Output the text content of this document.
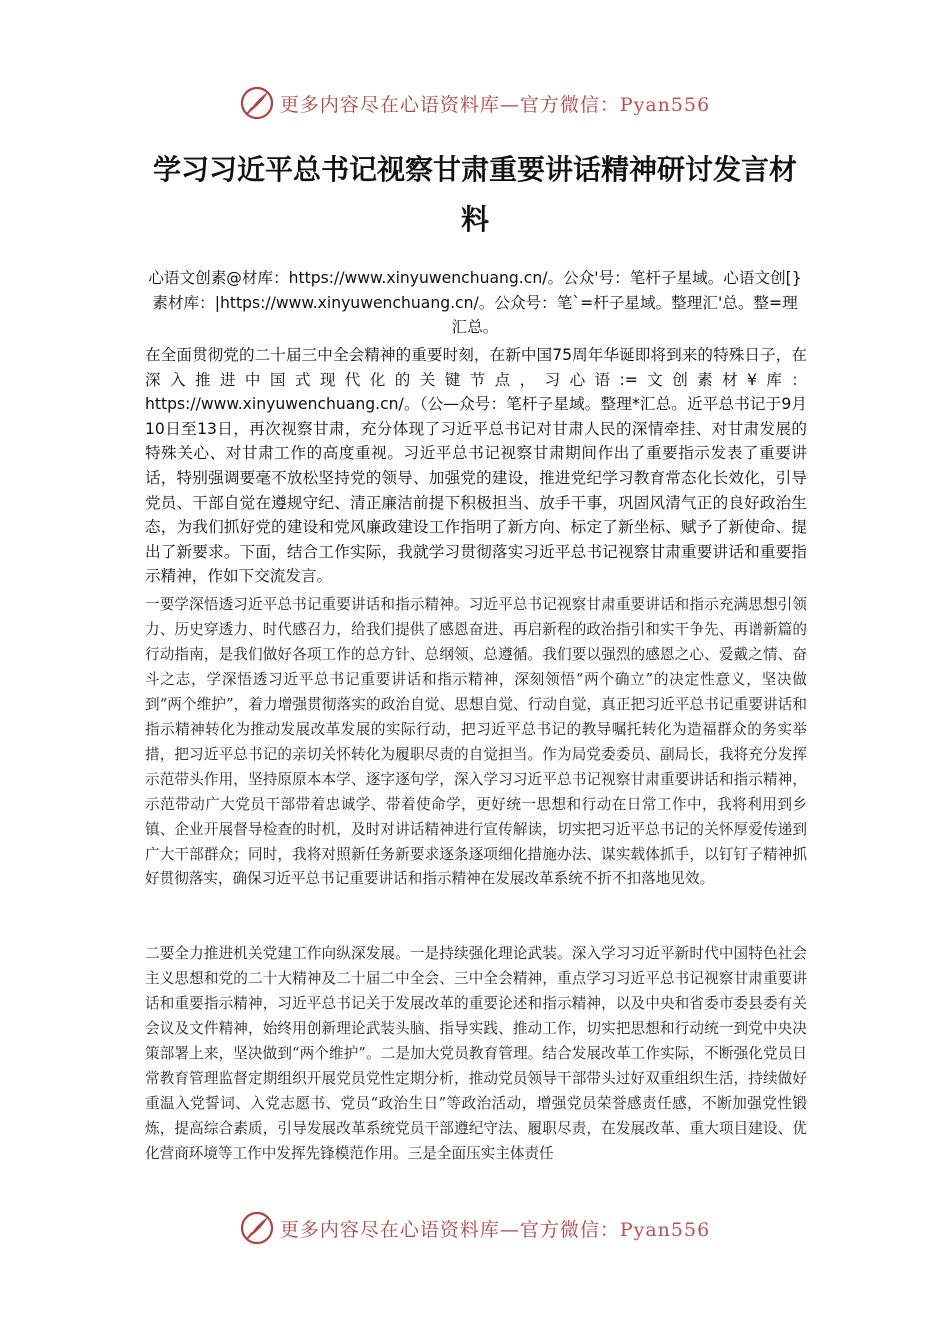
更多内容尽在心语资料库—官方微信：Pyan556
学习习近平总书记视察甘肃重要讲话精神研讨发言材料
心语文创素@材库：https://www.xinyuwenchuang.cn/。公众'号：笔杆子星域。心语文创[}素材库：|https://www.xinyuwenchuang.cn/。公众号：笔`=杆子星域。整理汇'总。整=理汇总。
在全面贯彻党的二十届三中全会精神的重要时刻，在新中国75周年华诞即将到来的特殊日子，在深入推进中国式现代化的关键节点，习心语:=文创素材¥库：https://www.xinyuwenchuang.cn/。（公—众号：笔杆子星域。整理*汇总。近平总书记于9月10日至13日，再次视察甘肃，充分体现了习近平总书记对甘肃人民的深情牵挂、对甘肃发展的特殊关心、对甘肃工作的高度重视。习近平总书记视察甘肃期间作出了重要指示发表了重要讲话，特别强调要毫不放松坚持党的领导、加强党的建设，推进党纪学习教育常态化长效化，引导党员、干部自觉在遵规守纪、清正廉洁前提下积极担当、放手干事，巩固风清气正的良好政治生态，为我们抓好党的建设和党风廉政建设工作指明了新方向、标定了新坐标、赋予了新使命、提出了新要求。下面，结合工作实际，我就学习贯彻落实习近平总书记视察甘肃重要讲话和重要指示精神，作如下交流发言。
一要学深悟透习近平总书记重要讲话和指示精神。习近平总书记视察甘肃重要讲话和指示充满思想引领力、历史穿透力、时代感召力，给我们提供了感恩奋进、再启新程的政治指引和实干争先、再谱新篇的行动指南，是我们做好各项工作的总方针、总纲领、总遵循。我们要以强烈的感恩之心、爱戴之情、奋斗之志，学深悟透习近平总书记重要讲话和指示精神，深刻领悟“两个确立”的决定性意义，坚决做到“两个维护”，着力增强贯彻落实的政治自觉、思想自觉、行动自觉，真正把习近平总书记重要讲话和指示精神转化为推动发展改革发展的实际行动，把习近平总书记的教导嘱托转化为造福群众的务实举措，把习近平总书记的亲切关怀转化为履职尽责的自觉担当。作为局党委委员、副局长，我将充分发挥示范带头作用，坚持原原本本学、逐字逐句学，深入学习习近平总书记视察甘肃重要讲话和指示精神，示范带动广大党员干部带着忠诚学、带着使命学，更好统一思想和行动在日常工作中，我将利用到乡镇、企业开展督导检查的时机，及时对讲话精神进行宣传解读，切实把习近平总书记的关怀厚爱传递到广大干部群众；同时，我将对照新任务新要求逐条逐项细化措施办法、谋实载体抓手，以钉钉子精神抓好贯彻落实，确保习近平总书记重要讲话和指示精神在发展改革系统不折不扣落地见效。
二要全力推进机关党建工作向纵深发展。一是持续强化理论武装。深入学习习近平新时代中国特色社会主义思想和党的二十大精神及二十届二中全会、三中全会精神，重点学习习近平总书记视察甘肃重要讲话和重要指示精神，习近平总书记关于发展改革的重要论述和指示精神，以及中央和省委市委县委有关会议及文件精神，始终用创新理论武装头脑、指导实践、推动工作，切实把思想和行动统一到党中央决策部署上来，坚决做到“两个维护”。二是加大党员教育管理。结合发展改革工作实际，不断强化党员日常教育管理监督定期组织开展党员党性定期分析，推动党员领导干部带头过好双重组织生活，持续做好重温入党誓词、入党志愿书、党员“政治生日”等政治活动，增强党员荣誉感责任感，不断加强党性锻炼，提高综合素质，引导发展改革系统党员干部遵纪守法、履职尽责，在发展改革、重大项目建设、优化营商环境等工作中发挥先锋模范作用。三是全面压实主体责任
更多内容尽在心语资料库—官方微信：Pyan556
